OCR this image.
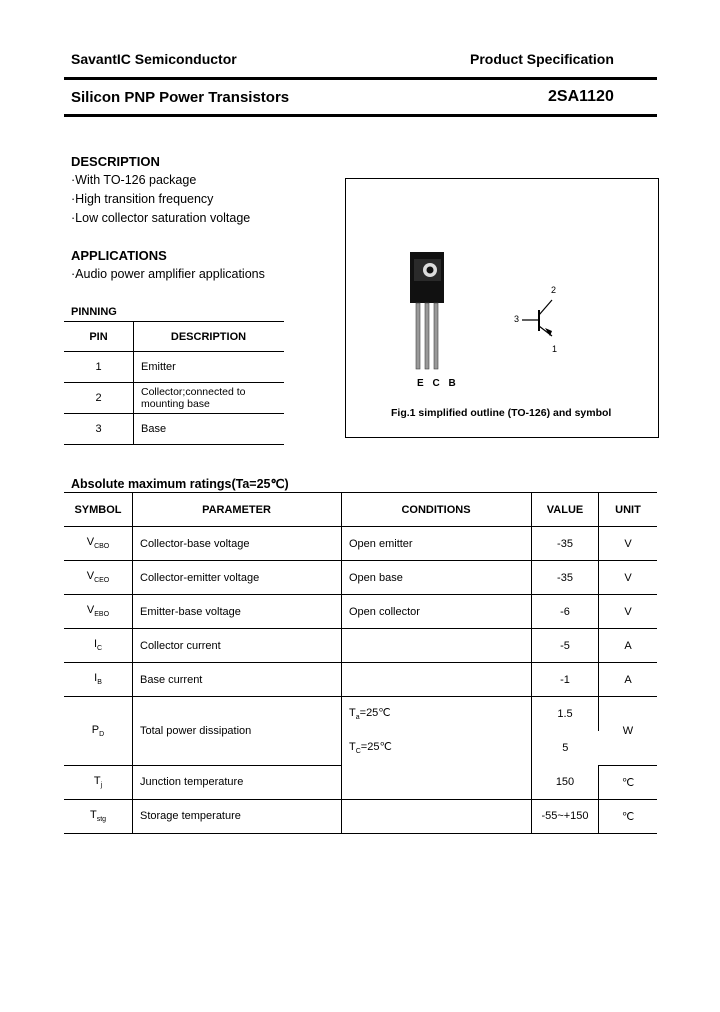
SavantIC Semiconductor	Product Specification
Silicon PNP Power Transistors	2SA1120
DESCRIPTION
·With TO-126 package
·High transition frequency
·Low collector saturation voltage
APPLICATIONS
·Audio power amplifier applications
PINNING
PIN	DESCRIPTION
1	Emitter
2	Collector;connected to mounting base
3	Base
E C B
2
3
1
Fig.1 simplified outline (TO-126) and symbol
Absolute maximum ratings(Ta=25℃)
SYMBOL	PARAMETER	CONDITIONS	VALUE	UNIT
$V_{CBO}$	Collector-base voltage	Open emitter	-35	V
$V_{CEO}$	Collector-emitter voltage	Open base	-35	V
$V_{EBO}$	Emitter-base voltage	Open collector	-6	V
$I_C$	Collector current		-5	A
$I_B$	Base current		-1	A
$P_D$	Total power dissipation	$T_a=25℃$	1.5	W
		$T_C=25℃$	5	
$T_j$	Junction temperature		150	℃
$T_{stg}$	Storage temperature		-55~+150	℃
